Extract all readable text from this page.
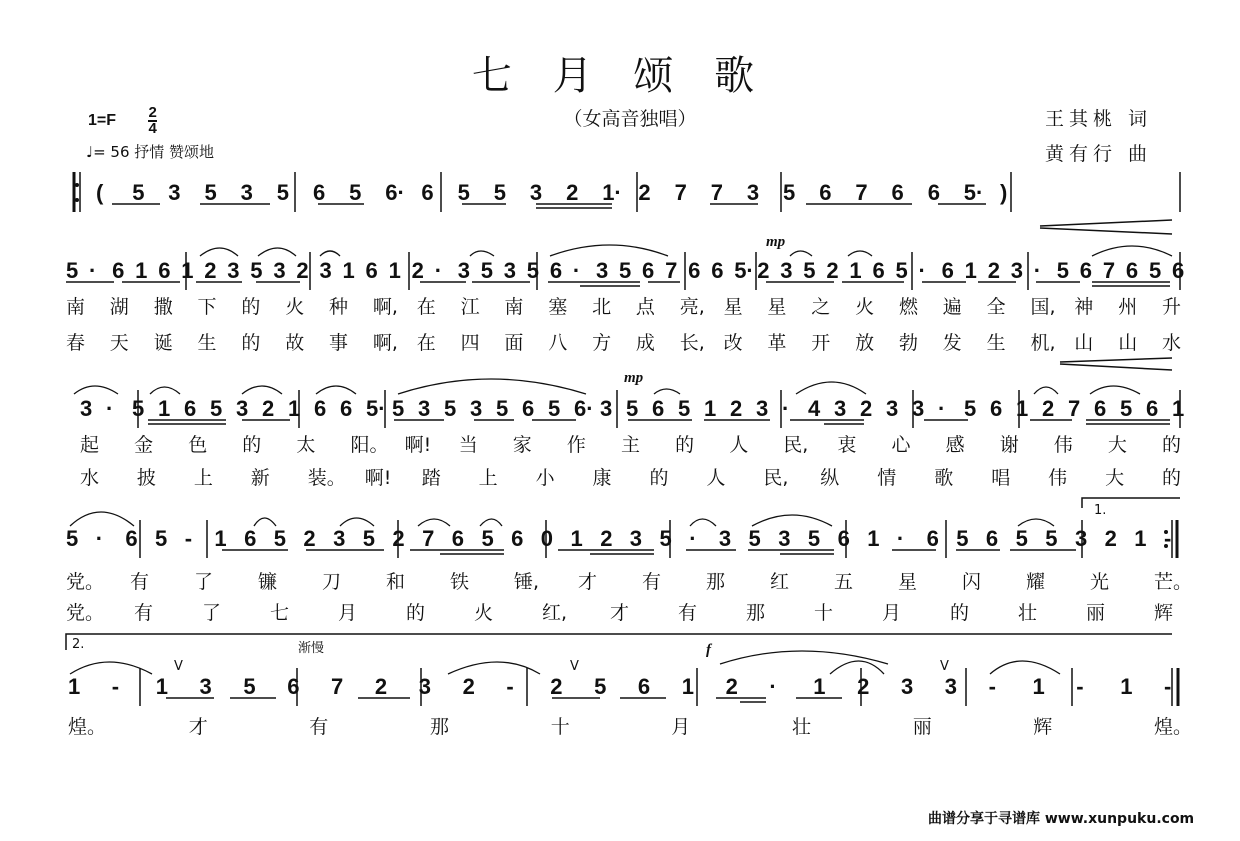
七 月 颂 歌
（女高音独唱）
$1=F \frac{2}{4}$
♩= 56 抒情 赞颂地
王其桃 词
黄有行 曲
mp
mp
f
渐慢
1.
2.
V	V	V
( 5 3 5 3 5 6 5 6· 6 5 5 3 2 1· 2 7 7 3 5 6 7 6 6 5· )
5 · 6 1 6 1 2 3 5 3 2 3 1 6 1 2 · 3 5 3 5 6 · 3 5 6 7 6 6 5· 2 3 5 2 1 6 5 · 6 1 2 3 · 5 6 7 6 5 6
南 湖 撒 下 的 火 种 啊, 在 江 南 塞 北 点 亮, 星 星 之 火 燃 遍 全 国, 神 州 升
春 天 诞 生 的 故 事 啊, 在 四 面 八 方 成 长, 改 革 开 放 勃 发 生 机, 山 山 水
3 · 5 1 6 5 3 2 1 6 6 5· 5 3 5 3 5 6 5 6· 3 5 6 5 1 2 3 · 4 3 2 3 3 · 5 6 1 2 7 6 5 6 1
起 金 色 的 太 阳。 啊! 当 家 作 主 的 人 民, 衷 心 感 谢 伟 大 的
水 披 上 新 装。 啊! 踏 上 小 康 的 人 民, 纵 情 歌 唱 伟 大 的
5 · 6 5 - 1 6 5 2 3 5 2 7 6 5 6 0 1 2 3 5 · 3 5 3 5 6 1 · 6 5 6 5 5 3 2 1 -
党。 有 了 镰 刀 和 铁 锤, 才 有 那 红 五 星 闪 耀 光 芒。
党。 有	了	七	月	的	火	红, 才	有	那	十	月	的	壮	丽	辉
1 - 1 3 5 6 7 2 3 2 - 2 5 6 1 2 · 1 2 3 3 - 1 - 1 -
煌。	才	有	那	十	月	壮	丽	辉	煌。
曲谱分享于寻谱库 www.xunpuku.com
